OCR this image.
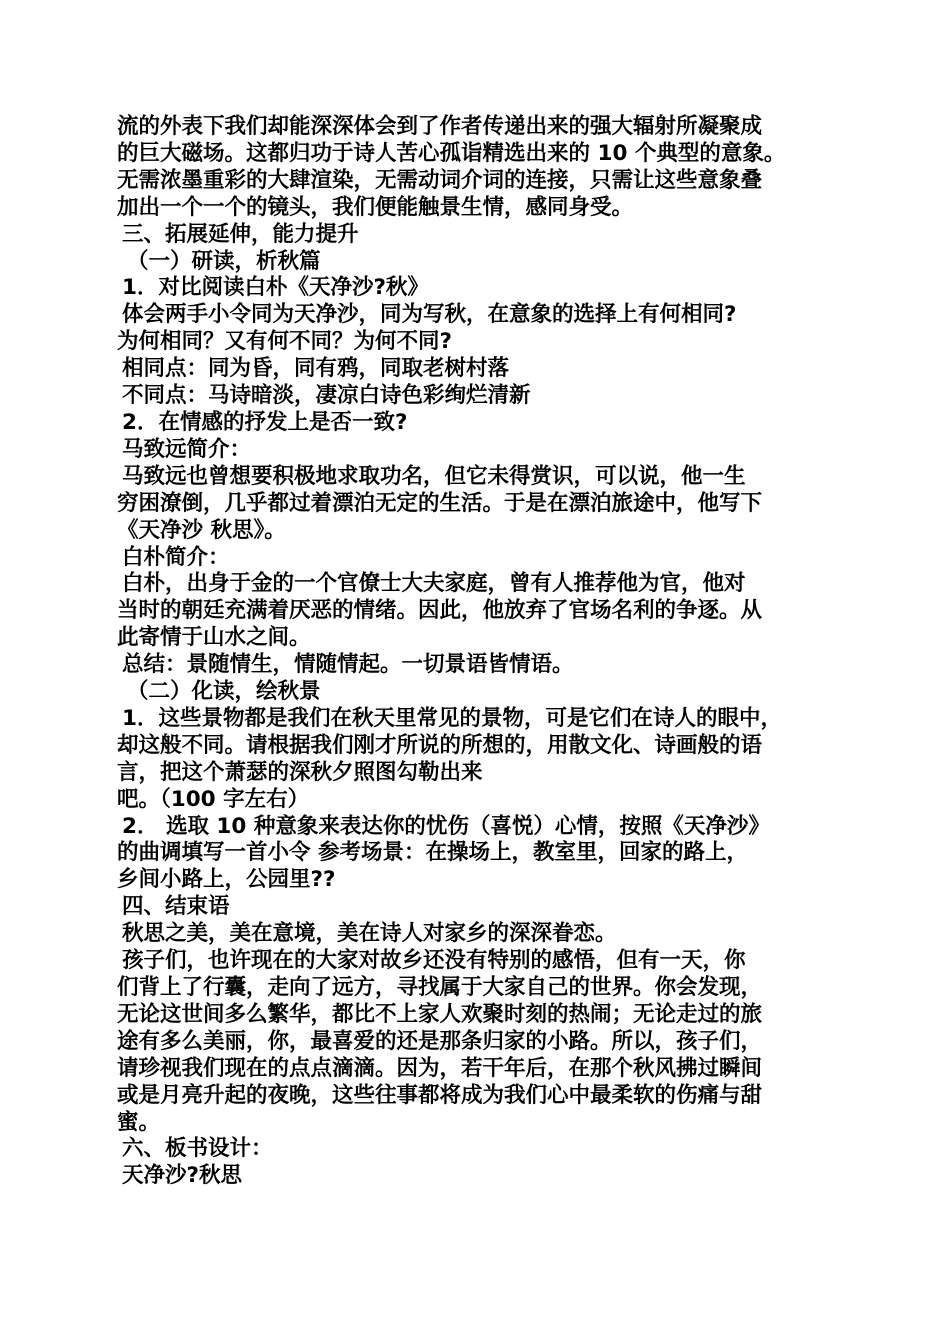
流的外表下我们却能深深体会到了作者传递出来的强大辐射所凝聚成
的巨大磁场。这都归功于诗人苦心孤诣精选出来的 10 个典型的意象。
无需浓墨重彩的大肆渲染，无需动词介词的连接，只需让这些意象叠
加出一个一个的镜头，我们便能触景生情，感同身受。
三、拓展延伸，能力提升
（一）研读，析秋篇
1．对比阅读白朴《天净沙?秋》
体会两手小令同为天净沙，同为写秋，在意象的选择上有何相同?
为何相同？又有何不同？为何不同?
相同点：同为昏，同有鸦，同取老树村落
不同点：马诗暗淡，凄凉白诗色彩绚烂清新
2．在情感的抒发上是否一致?
马致远简介：
马致远也曾想要积极地求取功名，但它未得赏识，可以说，他一生
穷困潦倒，几乎都过着漂泊无定的生活。于是在漂泊旅途中，他写下
《天净沙 秋思》。
白朴简介：
白朴，出身于金的一个官僚士大夫家庭，曾有人推荐他为官，他对
当时的朝廷充满着厌恶的情绪。因此，他放弃了官场名利的争逐。从
此寄情于山水之间。
总结：景随情生，情随情起。一切景语皆情语。
（二）化读，绘秋景
1．这些景物都是我们在秋天里常见的景物，可是它们在诗人的眼中，
却这般不同。请根据我们刚才所说的所想的，用散文化、诗画般的语
言，把这个萧瑟的深秋夕照图勾勒出来
吧。（100 字左右）
2． 选取 10 种意象来表达你的忧伤（喜悦）心情，按照《天净沙》
的曲调填写一首小令 参考场景：在操场上，教室里，回家的路上，
乡间小路上，公园里??
四、结束语
秋思之美，美在意境，美在诗人对家乡的深深眷恋。
孩子们，也许现在的大家对故乡还没有特别的感悟，但有一天，你
们背上了行囊，走向了远方，寻找属于大家自己的世界。你会发现，
无论这世间多么繁华，都比不上家人欢聚时刻的热闹；无论走过的旅
途有多么美丽，你，最喜爱的还是那条归家的小路。所以，孩子们，
请珍视我们现在的点点滴滴。因为，若干年后，在那个秋风拂过瞬间
或是月亮升起的夜晚，这些往事都将成为我们心中最柔软的伤痛与甜
蜜。
六、板书设计：
天净沙?秋思
